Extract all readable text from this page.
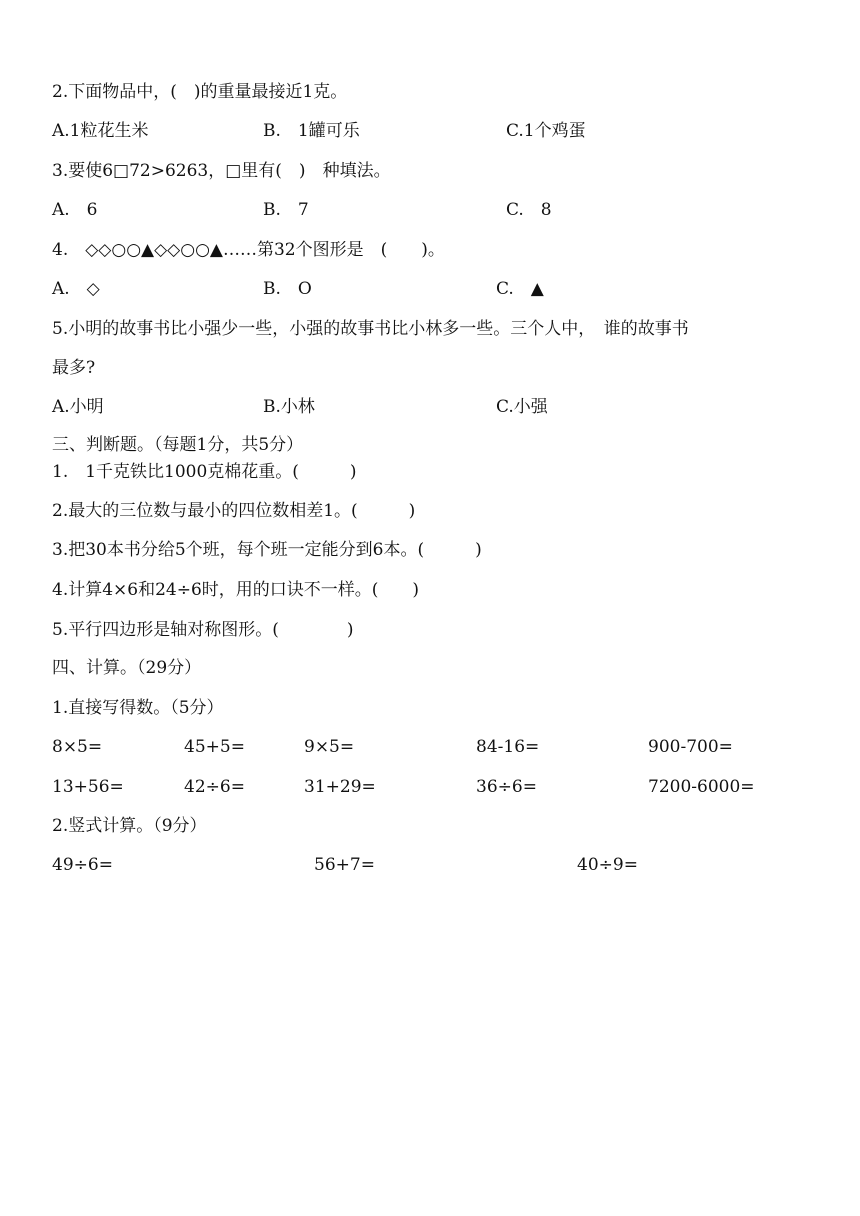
2.下面物品中，(　)的重量最接近1克。
A.1粒花生米	B.　1罐可乐	C.1个鸡蛋
3.要使6□72>6263，□里有(　)　种填法。
A.　6	B.　7	C.　8
4.　◇◇○○▲◇◇○○▲……第32个图形是　(　　)。
A.　◇	B.　O	C.　▲
5.小明的故事书比小强少一些，小强的故事书比小林多一些。三个人中，　谁的故事书
最多?
A.小明	B.小林	C.小强
三、判断题。（每题1分，共5分）
1.　1千克铁比1000克棉花重。(　　　)
2.最大的三位数与最小的四位数相差1。(　　　)
3.把30本书分给5个班，每个班一定能分到6本。(　　　)
4.计算4×6和24÷6时，用的口诀不一样。(　　)
5.平行四边形是轴对称图形。(　　　　)
四、计算。（29分）
1.直接写得数。（5分）
8×5=	45+5=	9×5=	84-16=	900-700=
13+56=	42÷6=	31+29=	36÷6=	7200-6000=
2.竖式计算。（9分）
49÷6=	56+7=	40÷9=
